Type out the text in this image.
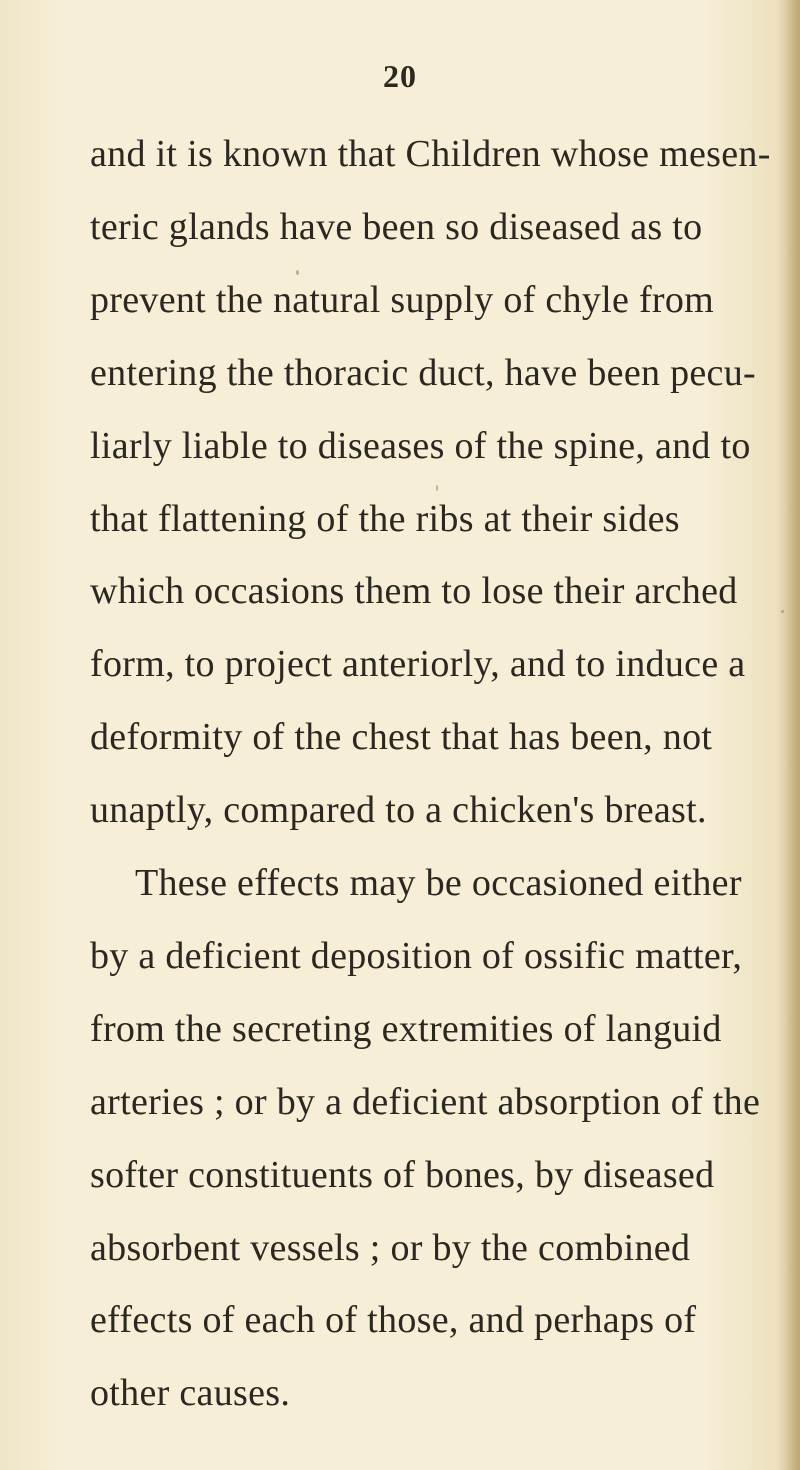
20
and it is known that Children whose mesen-
teric glands have been so diseased as to
prevent the natural supply of chyle from
entering the thoracic duct, have been pecu-
liarly liable to diseases of the spine, and to
that flattening of the ribs at their sides
which occasions them to lose their arched
form, to project anteriorly, and to induce a
deformity of the chest that has been, not
unaptly, compared to a chicken's breast.
These effects may be occasioned either
by a deficient deposition of ossific matter,
from the secreting extremities of languid
arteries ; or by a deficient absorption of the
softer constituents of bones, by diseased
absorbent vessels ; or by the combined
effects of each of those, and perhaps of
other causes.
